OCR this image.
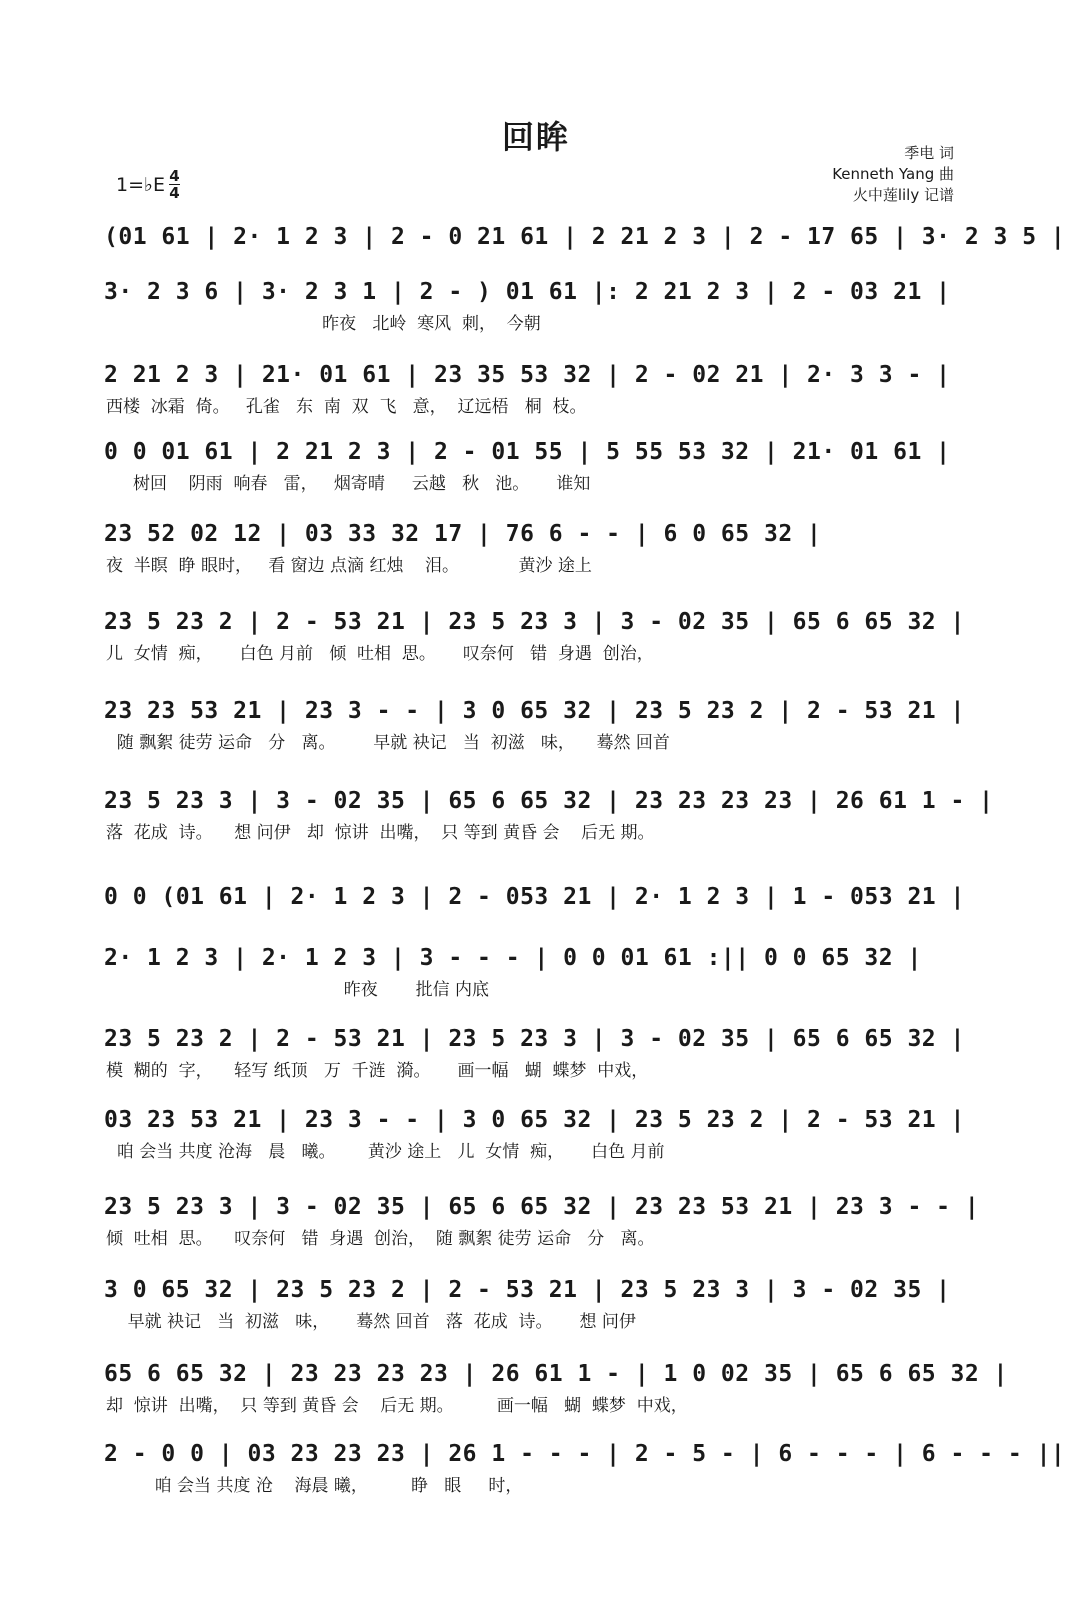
回眸	季电 词
Kenneth Yang 曲
火中莲lily 记谱
1=♭E 4
4
(01 61 | 2· 1 2 3 | 2 - 0 21 61 | 2 21 2 3 | 2 - 17 65 | 3· 2 3 5 |
3· 2 3 6 | 3· 2 3 1 | 2 - ) 01 61 |: 2 21 2 3 | 2 - 03 21 |
昨夜   北岭  寒风  刺，  今朝
2 21 2 3 | 21· 01 61 | 23 35 53 32 | 2 - 02 21 | 2· 3 3 - |
西楼  冰霜  倚。   孔雀   东  南  双  飞   意，  辽远梧   桐  枝。
0 0 01 61 | 2 21 2 3 | 2 - 01 55 | 5 55 53 32 | 21· 01 61 |
树回    阴雨  响春   雷，   烟寄晴     云越   秋   池。     谁知
23 52 02 12 | 03 33 32 17 | 76 6 - - | 6 0 65 32 |
夜  半瞑  睁 眼时，   看 窗边 点滴 红烛    泪。           黄沙 途上
23 5 23 2 | 2 - 53 21 | 23 5 23 3 | 3 - 02 35 | 65 6 65 32 |
儿  女情  痴，     白色 月前   倾  吐相  思。     叹奈何   错  身遇  创治，
23 23 53 21 | 23 3 - - | 3 0 65 32 | 23 5 23 2 | 2 - 53 21 |
随 飘絮 徒劳 运命   分   离。       早就 袂记   当  初滋   味，    蓦然 回首
23 5 23 3 | 3 - 02 35 | 65 6 65 32 | 23 23 23 23 | 26 61 1 - |
落  花成  诗。    想 问伊   却  惊讲  出嘴，  只 等到 黄昏 会    后无 期。
0 0 (01 61 | 2· 1 2 3 | 2 - 053 21 | 2· 1 2 3 | 1 - 053 21 |
2· 1 2 3 | 2· 1 2 3 | 3 - - - | 0 0 01 61 :|| 0 0 65 32 |
昨夜       批信 内底
23 5 23 2 | 2 - 53 21 | 23 5 23 3 | 3 - 02 35 | 65 6 65 32 |
模  糊的  字，    轻写 纸顶   万  千涟  漪。     画一幅   蝴  蝶梦  中戏，
03 23 53 21 | 23 3 - - | 3 0 65 32 | 23 5 23 2 | 2 - 53 21 |
咱 会当 共度 沧海   晨   曦。      黄沙 途上   儿  女情  痴，     白色 月前
23 5 23 3 | 3 - 02 35 | 65 6 65 32 | 23 23 53 21 | 23 3 - - |
倾  吐相  思。    叹奈何   错  身遇  创治，  随 飘絮 徒劳 运命   分   离。
3 0 65 32 | 23 5 23 2 | 2 - 53 21 | 23 5 23 3 | 3 - 02 35 |
早就 袂记   当  初滋   味，     蓦然 回首   落  花成  诗。     想 问伊
65 6 65 32 | 23 23 23 23 | 26 61 1 - | 1 0 02 35 | 65 6 65 32 |
却  惊讲  出嘴，  只 等到 黄昏 会    后无 期。        画一幅   蝴  蝶梦  中戏，
2 - 0 0 | 03 23 23 23 | 26 1 - - - | 2 - 5 - | 6 - - - | 6 - - - ||
咱 会当 共度 沧    海晨 曦，        睁   眼     时，
